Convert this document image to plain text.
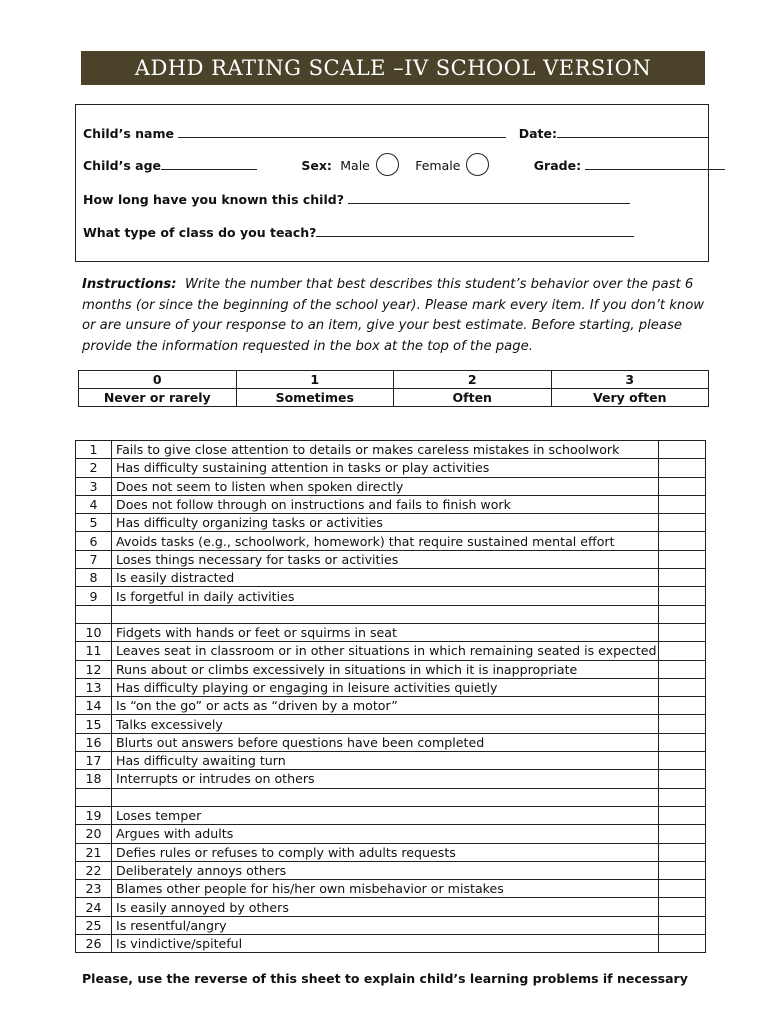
ADHD RATING SCALE –IV SCHOOL VERSION
Child’s name	Date:
Child’s age	Sex: Male	Female	Grade:
How long have you known this child?
What type of class do you teach?
Instructions: Write the number that best describes this student’s behavior over the past 6 months (or since the beginning of the school year). Please mark every item. If you don’t know or are unsure of your response to an item, give your best estimate. Before starting, please provide the information requested in the box at the top of the page.
0	1	2	3
Never or rarely	Sometimes	Often	Very often
1	Fails to give close attention to details or makes careless mistakes in schoolwork	
2	Has difficulty sustaining attention in tasks or play activities	
3	Does not seem to listen when spoken directly	
4	Does not follow through on instructions and fails to finish work	
5	Has difficulty organizing tasks or activities	
6	Avoids tasks (e.g., schoolwork, homework) that require sustained mental effort	
7	Loses things necessary for tasks or activities	
8	Is easily distracted	
9	Is forgetful in daily activities	

10	Fidgets with hands or feet or squirms in seat	
11	Leaves seat in classroom or in other situations in which remaining seated is expected	
12	Runs about or climbs excessively in situations in which it is inappropriate	
13	Has difficulty playing or engaging in leisure activities quietly	
14	Is “on the go” or acts as “driven by a motor”	
15	Talks excessively	
16	Blurts out answers before questions have been completed	
17	Has difficulty awaiting turn	
18	Interrupts or intrudes on others	

19	Loses temper	
20	Argues with adults	
21	Defies rules or refuses to comply with adults requests	
22	Deliberately annoys others	
23	Blames other people for his/her own misbehavior or mistakes	
24	Is easily annoyed by others	
25	Is resentful/angry	
26	Is vindictive/spiteful	
Please, use the reverse of this sheet to explain child’s learning problems if necessary
